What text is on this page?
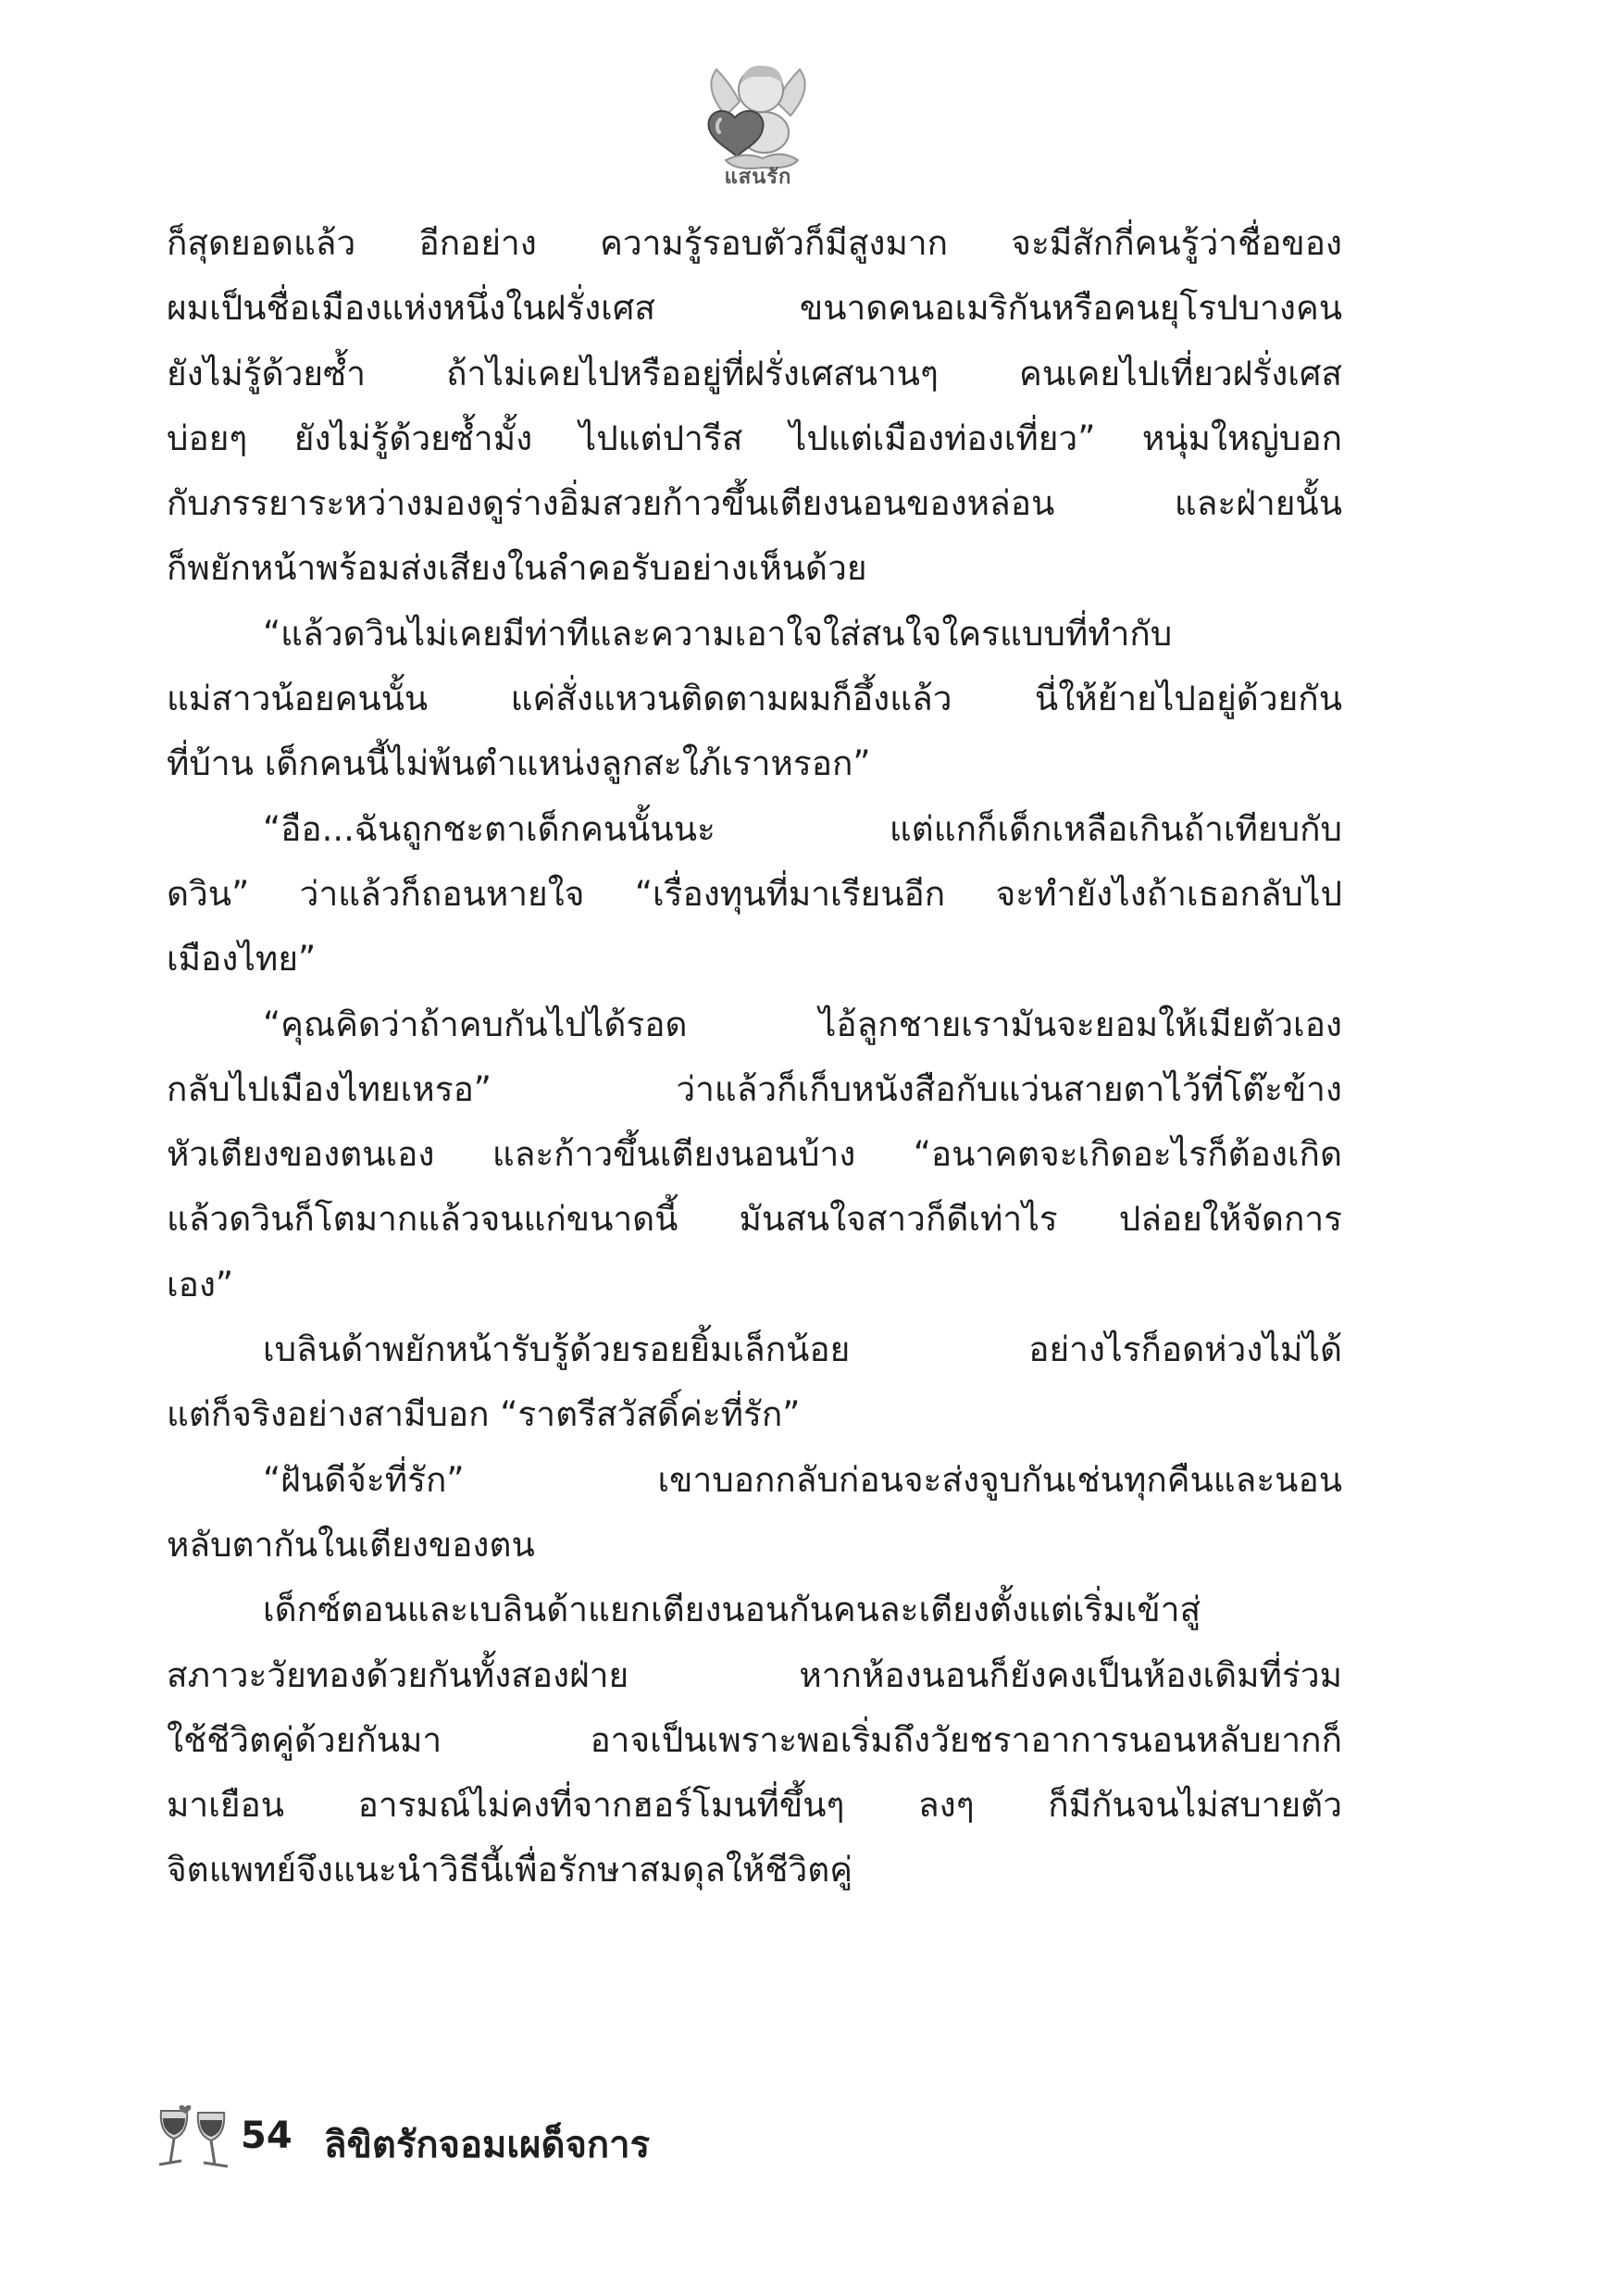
แสนรัก
ก็สุดยอดแล้ว อีกอย่าง ความรู้รอบตัวก็มีสูงมาก จะมีสักกี่คนรู้ว่าชื่อของ
ผมเป็นชื่อเมืองแห่งหนึ่งในฝรั่งเศส ขนาดคนอเมริกันหรือคนยุโรปบางคน
ยังไม่รู้ด้วยซ้ำ ถ้าไม่เคยไปหรืออยู่ที่ฝรั่งเศสนานๆ คนเคยไปเที่ยวฝรั่งเศส
บ่อยๆ ยังไม่รู้ด้วยซ้ำมั้ง ไปแต่ปารีส ไปแต่เมืองท่องเที่ยว” หนุ่มใหญ่บอก
กับภรรยาระหว่างมองดูร่างอิ่มสวยก้าวขึ้นเตียงนอนของหล่อน และฝ่ายนั้น
ก็พยักหน้าพร้อมส่งเสียงในลำคอรับอย่างเห็นด้วย
“แล้วดวินไม่เคยมีท่าทีและความเอาใจใส่สนใจใครแบบที่ทำกับ
แม่สาวน้อยคนนั้น แค่สั่งแหวนติดตามผมก็อึ้งแล้ว นี่ให้ย้ายไปอยู่ด้วยกัน
ที่บ้าน เด็กคนนี้ไม่พ้นตำแหน่งลูกสะใภ้เราหรอก”
“อือ...ฉันถูกชะตาเด็กคนนั้นนะ แต่แกก็เด็กเหลือเกินถ้าเทียบกับ
ดวิน” ว่าแล้วก็ถอนหายใจ “เรื่องทุนที่มาเรียนอีก จะทำยังไงถ้าเธอกลับไป
เมืองไทย”
“คุณคิดว่าถ้าคบกันไปได้รอด ไอ้ลูกชายเรามันจะยอมให้เมียตัวเอง
กลับไปเมืองไทยเหรอ” ว่าแล้วก็เก็บหนังสือกับแว่นสายตาไว้ที่โต๊ะข้าง
หัวเตียงของตนเอง และก้าวขึ้นเตียงนอนบ้าง “อนาคตจะเกิดอะไรก็ต้องเกิด
แล้วดวินก็โตมากแล้วจนแก่ขนาดนี้ มันสนใจสาวก็ดีเท่าไร ปล่อยให้จัดการ
เอง”
เบลินด้าพยักหน้ารับรู้ด้วยรอยยิ้มเล็กน้อย อย่างไรก็อดห่วงไม่ได้
แต่ก็จริงอย่างสามีบอก “ราตรีสวัสดิ์ค่ะที่รัก”
“ฝันดีจ้ะที่รัก” เขาบอกกลับก่อนจะส่งจูบกันเช่นทุกคืนและนอน
หลับตากันในเตียงของตน
เด็กซ์ตอนและเบลินด้าแยกเตียงนอนกันคนละเตียงตั้งแต่เริ่มเข้าสู่
สภาวะวัยทองด้วยกันทั้งสองฝ่าย หากห้องนอนก็ยังคงเป็นห้องเดิมที่ร่วม
ใช้ชีวิตคู่ด้วยกันมา อาจเป็นเพราะพอเริ่มถึงวัยชราอาการนอนหลับยากก็
มาเยือน อารมณ์ไม่คงที่จากฮอร์โมนที่ขึ้นๆ ลงๆ ก็มีกันจนไม่สบายตัว
จิตแพทย์จึงแนะนำวิธีนี้เพื่อรักษาสมดุลให้ชีวิตคู่
54 ลิขิตรักจอมเผด็จการ
